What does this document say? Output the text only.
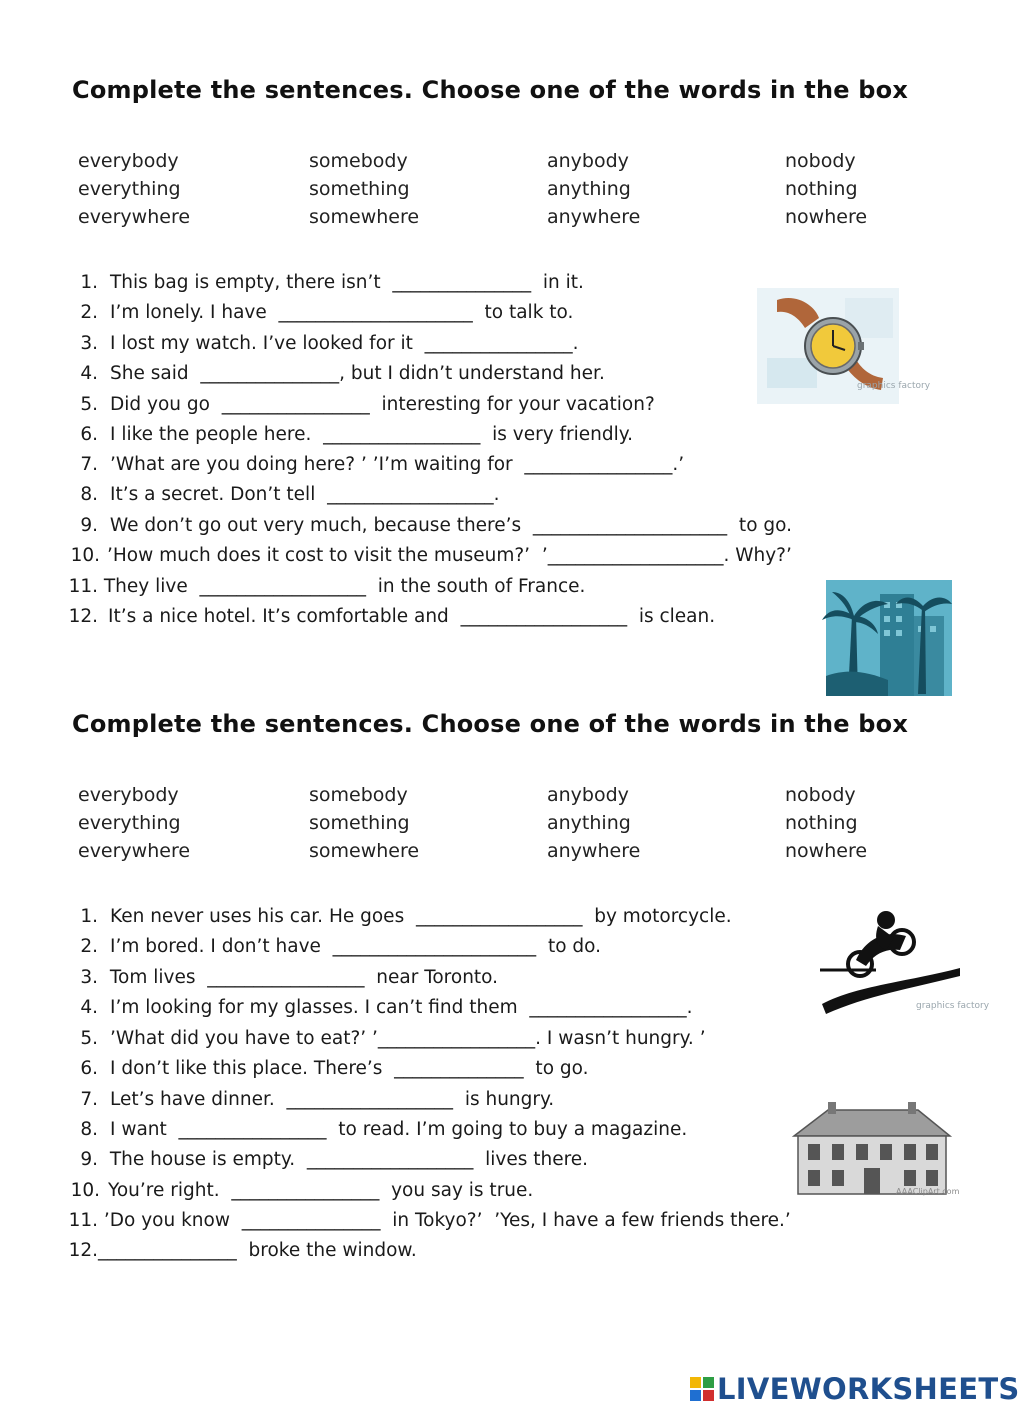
Complete the sentences. Choose one of the words in the box
everybody	somebody	anybody	nobody
everything	something	anything	nothing
everywhere	somewhere	anywhere	nowhere
1. This bag is empty, there isn’t  _______________  in it.
2. I’m lonely. I have  _____________________  to talk to.
3. I lost my watch. I’ve looked for it  ________________.
4. She said  _______________, but I didn’t understand her.
5. Did you go  ________________  interesting for your vacation?
6. I like the people here.  _________________  is very friendly.
7. ’What are you doing here? ’ ’I’m waiting for  ________________.’
8. It’s a secret. Don’t tell  __________________.
9. We don’t go out very much, because there’s  _____________________  to go.
10. ’How much does it cost to visit the museum?’  ’___________________. Why?’
11. They live  __________________  in the south of France.
12. It’s a nice hotel. It’s comfortable and  __________________  is clean.
graphics factory
Complete the sentences. Choose one of the words in the box
everybody	somebody	anybody	nobody
everything	something	anything	nothing
everywhere	somewhere	anywhere	nowhere
1. Ken never uses his car. He goes  __________________  by motorcycle.
2. I’m bored. I don’t have  ______________________  to do.
3. Tom lives  _________________  near Toronto.
4. I’m looking for my glasses. I can’t find them  _________________.
5. ’What did you have to eat?’ ’_________________. I wasn’t hungry. ’
6. I don’t like this place. There’s  ______________  to go.
7. Let’s have dinner.  __________________  is hungry.
8. I want  ________________  to read. I’m going to buy a magazine.
9. The house is empty.  __________________  lives there.
10. You’re right.  ________________  you say is true.
11. ’Do you know  _______________  in Tokyo?’  ’Yes, I have a few friends there.’
12. _______________  broke the window.
graphics factory
AAAClipArt.com
LIVEWORKSHEETS
